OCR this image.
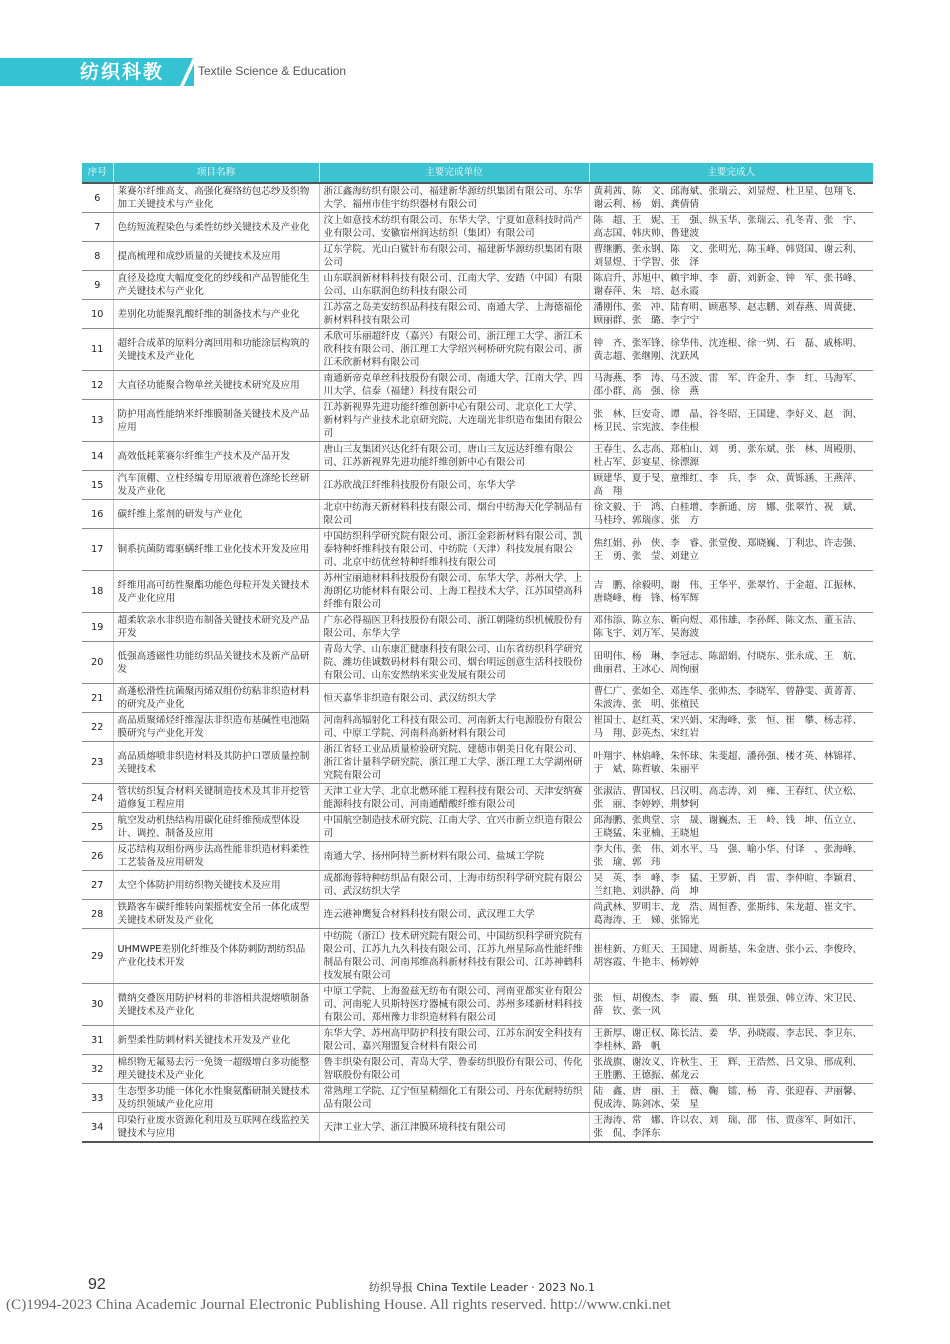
纺织科教	Textile Science & Education
序号	项目名称	主要完成单位	主要完成人
6	莱赛尔纤维高支、高强化赛络纺包芯纱及织物加工关键技术与产业化	浙江鑫海纺织有限公司、福建新华源纺织集团有限公司、东华大学、福州市佳宇纺织器材有限公司	黄莉茜、陈　文、邱海斌、张瑞云、刘显煜、杜卫星、包翔飞、谢云利、杨　娟、龚倩倩
7	色纺短流程染色与柔性纺纱关键技术及产业化	汶上如意技术纺织有限公司、东华大学、宁夏如意科技时尚产业有限公司、安徽宿州润达纺织（集团）有限公司	陈　超、王　妮、王　强、纵玉华、张瑞云、孔冬青、张　宇、高志国、韩庆帅、鲁建波
8	提高梳理和成纱质量的关键技术及应用	辽东学院、光山白鲨针布有限公司、福建新华源纺织集团有限公司	曹继鹏、张永钢、陈　文、张明光、陈玉峰、韩贤国、谢云利、刘显煜、于学智、张　泽
9	直径及捻度大幅度变化的纱线和产品智能化生产关键技术与产业化	山东联润新材料科技有限公司、江南大学、安踏（中国）有限公司、山东联润色纺科技有限公司	陈启升、苏旭中、赖宇坤、李　蔚、刘新金、钟　军、张书峰、谢春萍、朱　培、赵永霞
10	差别化功能聚乳酸纤维的制备技术与产业化	江苏富之岛美安纺织品科技有限公司、南通大学、上海德福伦新材料科技有限公司	潘刚伟、张　冲、陆育明、顾惠琴、赵志鹏、刘春燕、周黄捷、顾丽群、张　璐、李宁宁
11	超纤合成革的原料分离回用和功能涂层构筑的关键技术及产业化	禾欣可乐丽超纤皮（嘉兴）有限公司、浙江理工大学、浙江禾欣科技有限公司、浙江理工大学绍兴柯桥研究院有限公司、浙江禾欣新材料有限公司	钟　齐、张军锋、徐华伟、沈连根、徐一刿、石　磊、戚栋明、黄志超、张继刚、沈跃风
12	大直径功能聚合物单丝关键技术研究及应用	南通新帝克单丝科技股份有限公司、南通大学、江南大学、四川大学、信泰（福建）科技有限公司	马海燕、季　涛、马丕波、雷　军、许金升、李　红、马海军、邵小群、高　强、徐　燕
13	防护用高性能纳米纤维膜制备关键技术及产品应用	江苏新视界先进功能纤维创新中心有限公司、北京化工大学、新材料与产业技术北京研究院、大连瑞光非织造布集团有限公司	张　林、巨安奇、谭　晶、谷冬昭、王国建、李好义、赵　润、杨卫民、宗宪波、李佳根
14	高效低耗莱赛尔纤维生产技术及产品开发	唐山三友集团兴达化纤有限公司、唐山三友远达纤维有限公司、江苏新视界先进功能纤维创新中心有限公司	王春生、么志高、郑柏山、刘　勇、张东斌、张　林、周殿朋、杜占军、彭宴星、徐漂源
15	汽车顶棚、立柱经编专用原液着色涤纶长丝研发及产业化	江苏欣战江纤维科技股份有限公司、东华大学	顾建华、夏于旻、童维红、李　兵、李　众、黄铄涵、王燕萍、高　翔
16	碳纤维上浆剂的研发与产业化	北京中纺海天新材料科技有限公司、烟台中纺海天化学制品有限公司	徐文毅、于　鸿、白桂增、李新通、房　娜、张翠竹、祝　斌、马桂玲、郭瑞彦、张　方
17	铜系抗菌防霉驱螨纤维工业化技术开发及应用	中国纺织科学研究院有限公司、浙江金彩新材料有限公司、凯泰特种纤维科技有限公司、中纺院（天津）科技发展有限公司、北京中纺优丝特种纤维科技有限公司	焦红娟、孙　侠、李　睿、张堂俊、郑晓巍、丁利忠、许志强、王　勇、张　莹、刘建立
18	纤维用高可纺性聚酯功能色母粒开发关键技术及产业化应用	苏州宝丽迪材料科技股份有限公司、东华大学、苏州大学、上海朗亿功能材料有限公司、上海工程技术大学、江苏国望高科纤维有限公司	吉　鹏、徐毅明、谢　伟、王华平、张翠竹、于金超、江振林、唐晓峰、梅　锋、杨军辉
19	超柔软亲水非织造布制备关键技术研究及产品开发	广东必得福医卫科技股份有限公司、浙江朝隆纺织机械股份有限公司、东华大学	邓伟添、陈立东、靳向煜、邓伟雄、李孙辉、陈文杰、董玉洁、陈飞宇、刘万军、吴海波
20	低强高透磁性功能纺织品关键技术及新产品研发	青岛大学、山东康汇健康科技有限公司、山东省纺织科学研究院、潍坊佳诚数码材料有限公司、烟台明远创意生活科技股份有限公司、山东安然纳米实业发展有限公司	田明伟、杨　琳、李冠志、陈韶娟、付晓东、张永成、王　航、曲丽君、王冰心、周恂丽
21	高蓬松滑性抗菌聚丙烯双组份纺粘非织造材料的研究及产业化	恒天嘉华非织造有限公司、武汉纺织大学	曹仁广、张如全、邓连华、张帅杰、李晓军、曾静雯、黄菁菁、朱波涛、张　明、张植民
22	高品质聚烯烃纤维湿法非织造布基碱性电池隔膜研究与产业化开发	河南科高辐射化工科技有限公司、河南新太行电源股份有限公司、中原工学院、河南科高新材料有限公司	崔国士、赵红英、宋兴娟、宋海峰、张　恒、崔　攀、杨志祥、马　翔、彭英杰、宋红岩
23	高品质熔喷非织造材料及其防护口罩质量控制关键技术	浙江省轻工业品质量检验研究院、建德市朝美日化有限公司、浙江省计量科学研究院、浙江理工大学、浙江理工大学湖州研究院有限公司	叶翔宇、林焰峰、朱怀球、朱斐超、潘孙强、楼才英、林锦祥、于　斌、陈哲敏、朱丽平
24	管状纺织复合材料关键制造技术及其非开挖管道修复工程应用	天津工业大学、北京北燃环能工程科技有限公司、天津安纳赛能源科技有限公司、河南通醋酸纤维有限公司	张淑洁、曹国权、吕汉明、高志涛、刘　雍、王春红、伏立松、张　丽、李婷婷、荆梦轲
25	航空发动机热结构用碳化硅纤维预成型体设计、调控、制备及应用	中国航空制造技术研究院、江南大学、宜兴市新立织造有限公司	邱海鹏、张典堂、宗　晟、谢巍杰、王　岭、钱　坤、伍立立、王晓猛、朱亚楠、王晓旭
26	反芯结构双组份两步法高性能非织造材料柔性工艺装备及应用研发	南通大学、扬州阿特兰新材料有限公司、盐城工学院	李大伟、张　伟、刘水平、马　强、喻小华、付译　、张海峰、张　瑜、郭　玮
27	太空个体防护用纺织物关键技术及应用	成都海蓉特种纺织品有限公司、上海市纺织科学研究院有限公司、武汉纺织大学	吴　英、李　峰、李　猛、王罗新、肖　雷、李仲暄、李颖君、兰红艳、刘洪静、尚　坤
28	铁路客车碳纤维转向架摇枕安全吊一体化成型关键技术研发及产业化	连云港神鹰复合材料科技有限公司、武汉理工大学	尚武林、罗明丰、龙　浩、周恒香、张斯纬、朱龙超、崔文宇、葛海涛、王　娣、张锦光
29	UHMWPE差别化纤维及个体防刺防割纺织品产业化技术开发	中纺院（浙江）技术研究院有限公司、中国纺织科学研究院有限公司、江苏九九久科技有限公司、江苏九州星际高性能纤维制品有限公司、河南邦维高科新材科技有限公司、江苏神鹤科技发展有限公司	崔桂新、方虹天、王国建、周新基、朱金唐、张小云、李俊玲、胡容霞、牛艳丰、杨婷婷
30	微纳交叠医用防护材料的非溶相共混熔喷制备关键技术及产业化	中原工学院、上海盈兹无纺布有限公司、河南亚都实业有限公司、河南驼人贝斯特医疗器械有限公司、苏州多瑈新材料科技有限公司、郑州豫力非织造材料有限公司	张　恒、胡俊杰、李　霞、甄　琪、崔景强、韩立涛、宋卫民、薛　钦、张一风
31	新型柔性防刺材料关键技术开发及产业化	东华大学、苏州高甲防护科技有限公司、江苏东润安全科技有限公司、嘉兴翔盟复合材料有限公司	王新厚、谢正权、陈长洁、姜　华、孙晓霞、李志民、李卫东、李桂林、路　帆
32	棉织物无氟易去污一免烫一超级增白多功能整理关键技术及产业化	鲁丰织染有限公司、青岛大学、鲁泰纺织股份有限公司、传化智联股份有限公司	张战旗、谢汝义、许秋生、王　辉、王浩然、吕文泉、邢成利、王胜鹏、王德振、郝龙云
33	生态型多功能一体化水性聚氨酯研制关键技术及纺织领域产业化应用	常熟理工学院、辽宁恒星精细化工有限公司、丹东优耐特纺织品有限公司	陆　鑫、唐　丽、王　薇、鞠　镭、杨　青、张迎春、尹丽馨、倪成涛、陈剑冰、荣　星
34	印染行业废水资源化利用及互联网在线监控关键技术与应用	天津工业大学、浙江津膜环境科技有限公司	王海涛、常　娜、许以农、刘　瑞、邵　伟、贾彦军、阿如汗、张　侃、李泽东
92	纺织导报 China Textile Leader · 2023 No.1
(C)1994-2023 China Academic Journal Electronic Publishing House. All rights reserved. http://www.cnki.net
